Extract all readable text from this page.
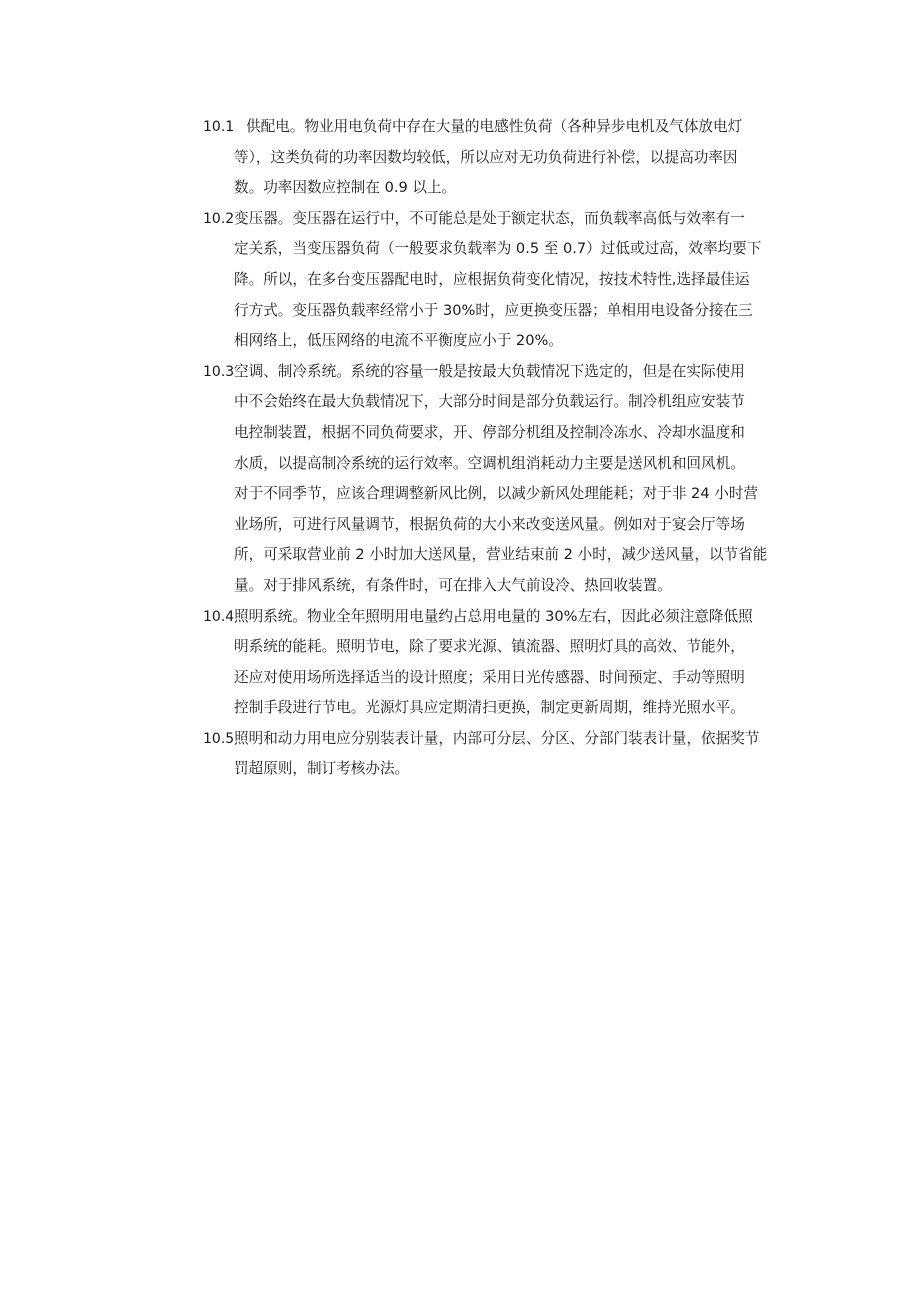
10.1 供配电。物业用电负荷中存在大量的电感性负荷（各种异步电机及气体放电灯
等），这类负荷的功率因数均较低，所以应对无功负荷进行补偿，以提高功率因
数。功率因数应控制在 0.9 以上。
10.2 变压器。变压器在运行中，不可能总是处于额定状态，而负载率高低与效率有一
定关系，当变压器负荷（一般要求负载率为 0.5 至 0.7）过低或过高，效率均要下
降。所以，在多台变压器配电时，应根据负荷变化情况，按技术特性,选择最佳运
行方式。变压器负载率经常小于 30%时，应更换变压器；单相用电设备分接在三
相网络上，低压网络的电流不平衡度应小于 20%。
10.3 空调、制冷系统。系统的容量一般是按最大负载情况下选定的，但是在实际使用
中不会始终在最大负载情况下，大部分时间是部分负载运行。制冷机组应安装节
电控制装置，根据不同负荷要求，开、停部分机组及控制冷冻水、冷却水温度和
水质，以提高制冷系统的运行效率。空调机组消耗动力主要是送风机和回风机。
对于不同季节，应该合理调整新风比例，以减少新风处理能耗；对于非 24 小时营
业场所，可进行风量调节，根据负荷的大小来改变送风量。例如对于宴会厅等场
所，可采取营业前 2 小时加大送风量，营业结束前 2 小时，减少送风量，以节省能
量。对于排风系统，有条件时，可在排入大气前设冷、热回收装置。
10.4 照明系统。物业全年照明用电量约占总用电量的 30%左右，因此必须注意降低照
明系统的能耗。照明节电，除了要求光源、镇流器、照明灯具的高效、节能外，
还应对使用场所选择适当的设计照度；采用日光传感器、时间预定、手动等照明
控制手段进行节电。光源灯具应定期清扫更换，制定更新周期，维持光照水平。
10.5 照明和动力用电应分别装表计量，内部可分层、分区、分部门装表计量，依据奖节
罚超原则，制订考核办法。
